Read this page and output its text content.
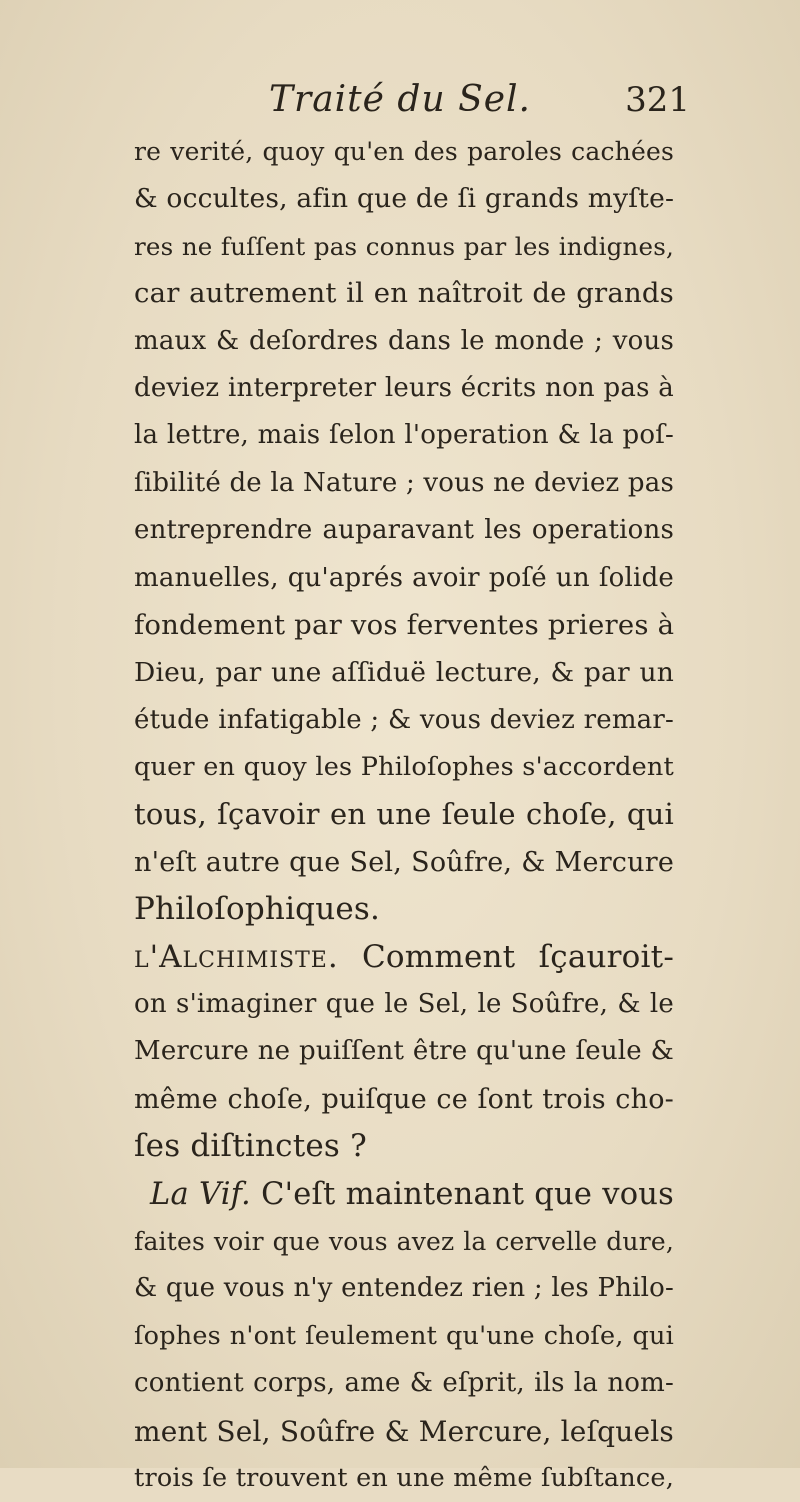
Traité du Sel.	321
re verité, quoy qu'en des paroles cachées
& occultes, afin que de ſi grands myſte-
res ne fuſſent pas connus par les indignes,
car autrement il en naîtroit de grands
maux & deſordres dans le monde ; vous
deviez interpreter leurs écrits non pas à
la lettre, mais ſelon l'operation & la poſ-
ſibilité de la Nature ; vous ne deviez pas
entreprendre auparavant les operations
manuelles, qu'aprés avoir poſé un ſolide
fondement par vos ferventes prieres à
Dieu, par une aſſiduë lecture, & par un
étude infatigable ; & vous deviez remar-
quer en quoy les Philoſophes s'accordent
tous, ſçavoir en une ſeule choſe, qui
n'eſt autre que Sel, Soûfre, & Mercure
Philoſophiques.
l'Alchimiste. Comment ſçauroit-
on s'imaginer que le Sel, le Soûfre, & le
Mercure ne puiſſent être qu'une ſeule &
même choſe, puiſque ce ſont trois cho-
ſes diſtinctes ?
La Vif. C'eſt maintenant que vous
faites voir que vous avez la cervelle dure,
& que vous n'y entendez rien ; les Philo-
ſophes n'ont ſeulement qu'une choſe, qui
contient corps, ame & eſprit, ils la nom-
ment Sel, Soûfre & Mercure, leſquels
trois ſe trouvent en une même ſubſtance,
